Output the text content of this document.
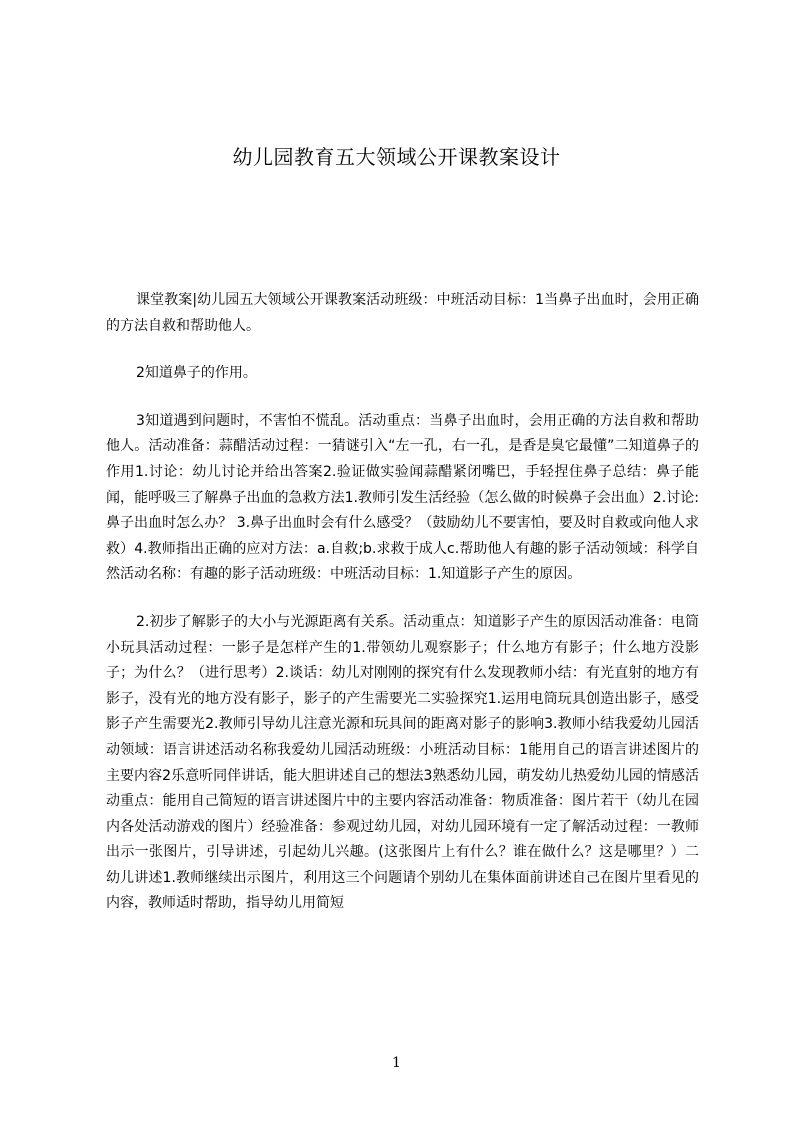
幼儿园教育五大领域公开课教案设计

课堂教案|幼儿园五大领域公开课教案活动班级：中班活动目标：1当鼻子出血时，会用正确的方法自救和帮助他人。

2知道鼻子的作用。

3知道遇到问题时，不害怕不慌乱。活动重点：当鼻子出血时，会用正确的方法自救和帮助他人。活动准备：蒜醋活动过程：一猜谜引入“左一孔，右一孔，是香是臭它最懂”二知道鼻子的作用1.讨论：幼儿讨论并给出答案2.验证做实验闻蒜醋紧闭嘴巴，手轻捏住鼻子总结：鼻子能闻，能呼吸三了解鼻子出血的急救方法1.教师引发生活经验（怎么做的时候鼻子会出血）2.讨论:鼻子出血时怎么办？ 3.鼻子出血时会有什么感受？（鼓励幼儿不要害怕，要及时自救或向他人求救）4.教师指出正确的应对方法：a.自救;b.求救于成人c.帮助他人有趣的影子活动领域：科学自然活动名称：有趣的影子活动班级：中班活动目标：1.知道影子产生的原因。

2.初步了解影子的大小与光源距离有关系。活动重点：知道影子产生的原因活动准备：电筒小玩具活动过程：一影子是怎样产生的1.带领幼儿观察影子；什么地方有影子；什么地方没影子；为什么？（进行思考）2.谈话：幼儿对刚刚的探究有什么发现教师小结：有光直射的地方有影子，没有光的地方没有影子，影子的产生需要光二实验探究1.运用电筒玩具创造出影子，感受影子产生需要光2.教师引导幼儿注意光源和玩具间的距离对影子的影响3.教师小结我爱幼儿园活动领域：语言讲述活动名称我爱幼儿园活动班级：小班活动目标：1能用自己的语言讲述图片的主要内容2乐意听同伴讲话，能大胆讲述自己的想法3熟悉幼儿园，萌发幼儿热爱幼儿园的情感活动重点：能用自己简短的语言讲述图片中的主要内容活动准备：物质准备：图片若干（幼儿在园内各处活动游戏的图片）经验准备：参观过幼儿园，对幼儿园环境有一定了解活动过程：一教师出示一张图片，引导讲述，引起幼儿兴趣。(这张图片上有什么？谁在做什么？这是哪里？）二幼儿讲述1.教师继续出示图片，利用这三个问题请个别幼儿在集体面前讲述自己在图片里看见的内容，教师适时帮助，指导幼儿用简短

1
